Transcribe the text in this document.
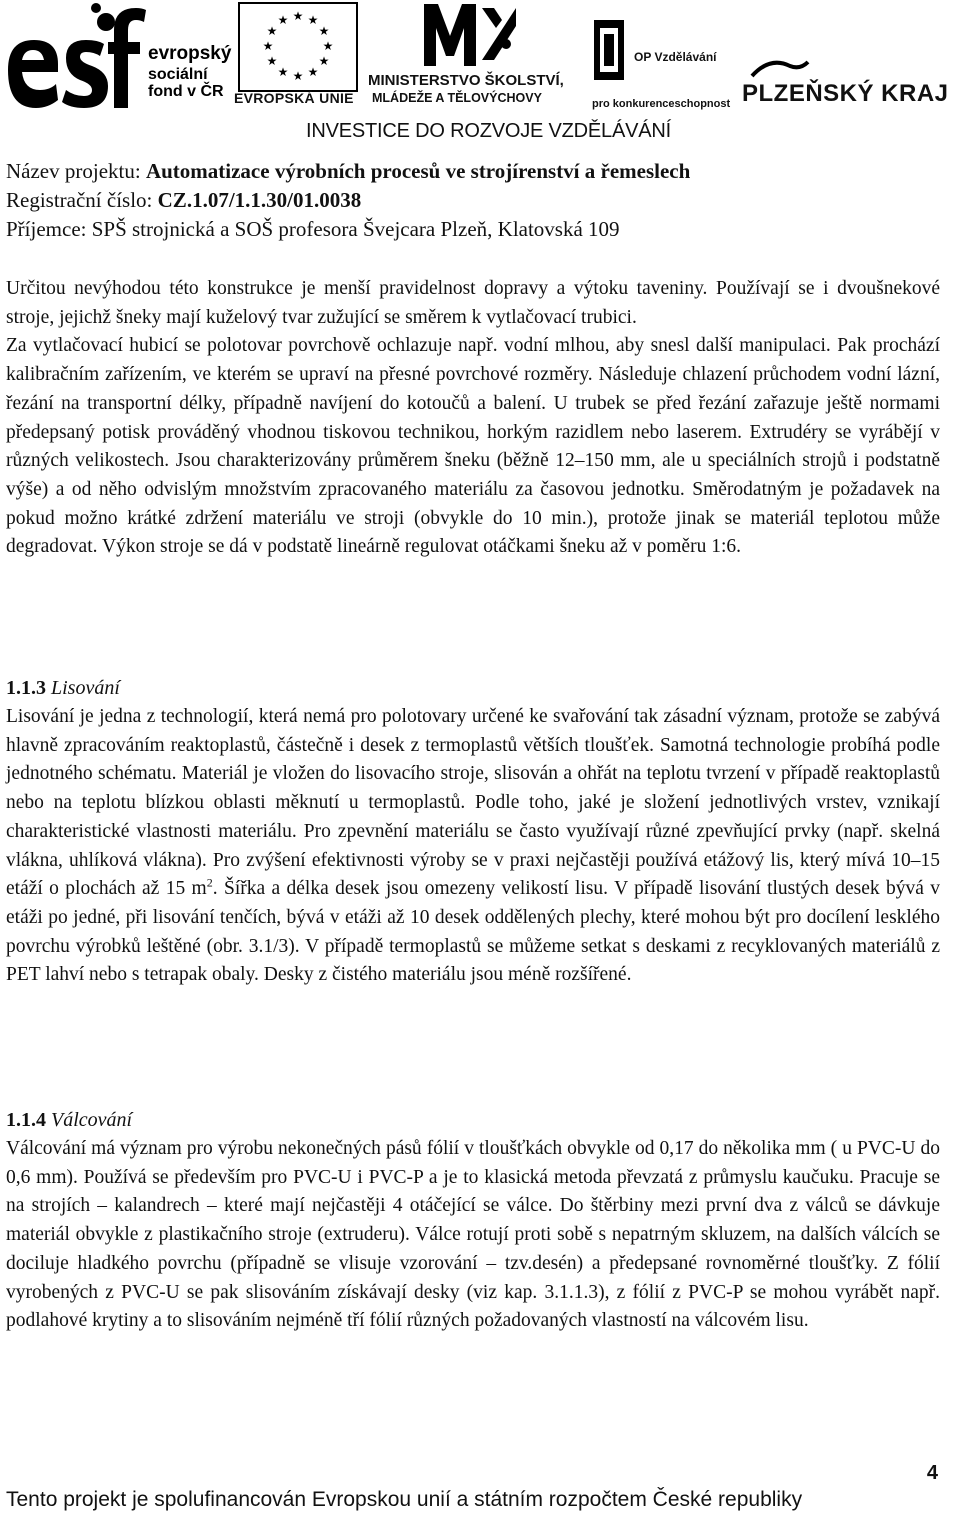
evropský
sociální
fond v ČR
★ ★
★
★
★
★
★
★
★
★
★
★
EVROPSKÁ UNIE
MINISTERSTVO ŠKOLSTVÍ,
MLÁDEŽE A TĚLOVÝCHOVY
OP Vzdělávání
pro konkurenceschopnost PLZEŇSKÝ KRAJ
INVESTICE DO ROZVOJE VZDĚLÁVÁNÍ
Název projektu: Automatizace výrobních procesů ve strojírenství a řemeslech
Registrační číslo: CZ.1.07/1.1.30/01.0038
Příjemce: SPŠ strojnická a SOŠ profesora Švejcara Plzeň, Klatovská 109

Určitou nevýhodou této konstrukce je menší pravidelnost dopravy a výtoku taveniny. Používají se i dvoušnekové stroje, jejichž šneky mají kuželový tvar zužující se směrem k vytlačovací trubici.

Za vytlačovací hubicí se polotovar povrchově ochlazuje např. vodní mlhou, aby snesl další manipulaci. Pak prochází kalibračním zařízením, ve kterém se upraví na přesné povrchové rozměry. Následuje chlazení průchodem vodní lázní, řezání na transportní délky, případně navíjení do kotoučů a balení. U trubek se před řezání zařazuje ještě normami předepsaný potisk prováděný vhodnou tiskovou technikou, horkým razidlem nebo laserem. Extrudéry se vyrábějí v různých velikostech. Jsou charakterizovány průměrem šneku (běžně 12–150 mm, ale u speciálních strojů i podstatně výše) a od něho odvislým množstvím zpracovaného materiálu za časovou jednotku. Směrodatným je požadavek na pokud možno krátké zdržení materiálu ve stroji (obvykle do 10 min.), protože jinak se materiál teplotou může degradovat. Výkon stroje se dá v podstatě lineárně regulovat otáčkami šneku až v poměru 1:6.

1.1.3 Lisování

Lisování je jedna z technologií, která nemá pro polotovary určené ke svařování tak zásadní význam, protože se zabývá hlavně zpracováním reaktoplastů, částečně i desek z termoplastů větších tloušťek. Samotná technologie probíhá podle jednotného schématu. Materiál je vložen do lisovacího stroje, slisován a ohřát na teplotu tvrzení v případě reaktoplastů nebo na teplotu blízkou oblasti měknutí u termoplastů. Podle toho, jaké je složení jednotlivých vrstev, vznikají charakteristické vlastnosti materiálu. Pro zpevnění materiálu se často využívají různé zpevňující prvky (např. skelná vlákna, uhlíková vlákna). Pro zvýšení efektivnosti výroby se v praxi nejčastěji používá etážový lis, který mívá 10–15 etáží o plochách až 15 $m^2$. Šířka a délka desek jsou omezeny velikostí lisu. V případě lisování tlustých desek bývá v etáži po jedné, při lisování tenčích, bývá v etáži až 10 desek oddělených plechy, které mohou být pro docílení lesklého povrchu výrobků leštěné (obr. 3.1/3). V případě termoplastů se můžeme setkat s deskami z recyklovaných materiálů z PET lahví nebo s tetrapak obaly. Desky z čistého materiálu jsou méně rozšířené.

1.1.4 Válcování

Válcování má význam pro výrobu nekonečných pásů fólií v tloušťkách obvykle od 0,17 do několika mm ( u PVC-U do 0,6 mm). Používá se především pro PVC-U i PVC-P a je to klasická metoda převzatá z průmyslu kaučuku. Pracuje se na strojích – kalandrech – které mají nejčastěji 4 otáčející se válce. Do štěrbiny mezi první dva z válců se dávkuje materiál obvykle z plastikačního stroje (extruderu). Válce rotují proti sobě s nepatrným skluzem, na dalších válcích se dociluje hladkého povrchu (případně se vlisuje vzorování – tzv.desén) a předepsané rovnoměrné tloušťky. Z fólií vyrobených z PVC-U se pak slisováním získávají desky (viz kap. 3.1.1.3), z fólií z PVC-P se mohou vyrábět např. podlahové krytiny a to slisováním nejméně tří fólií různých požadovaných vlastností na válcovém lisu.

4
Tento projekt je spolufinancován Evropskou unií a státním rozpočtem České republiky
